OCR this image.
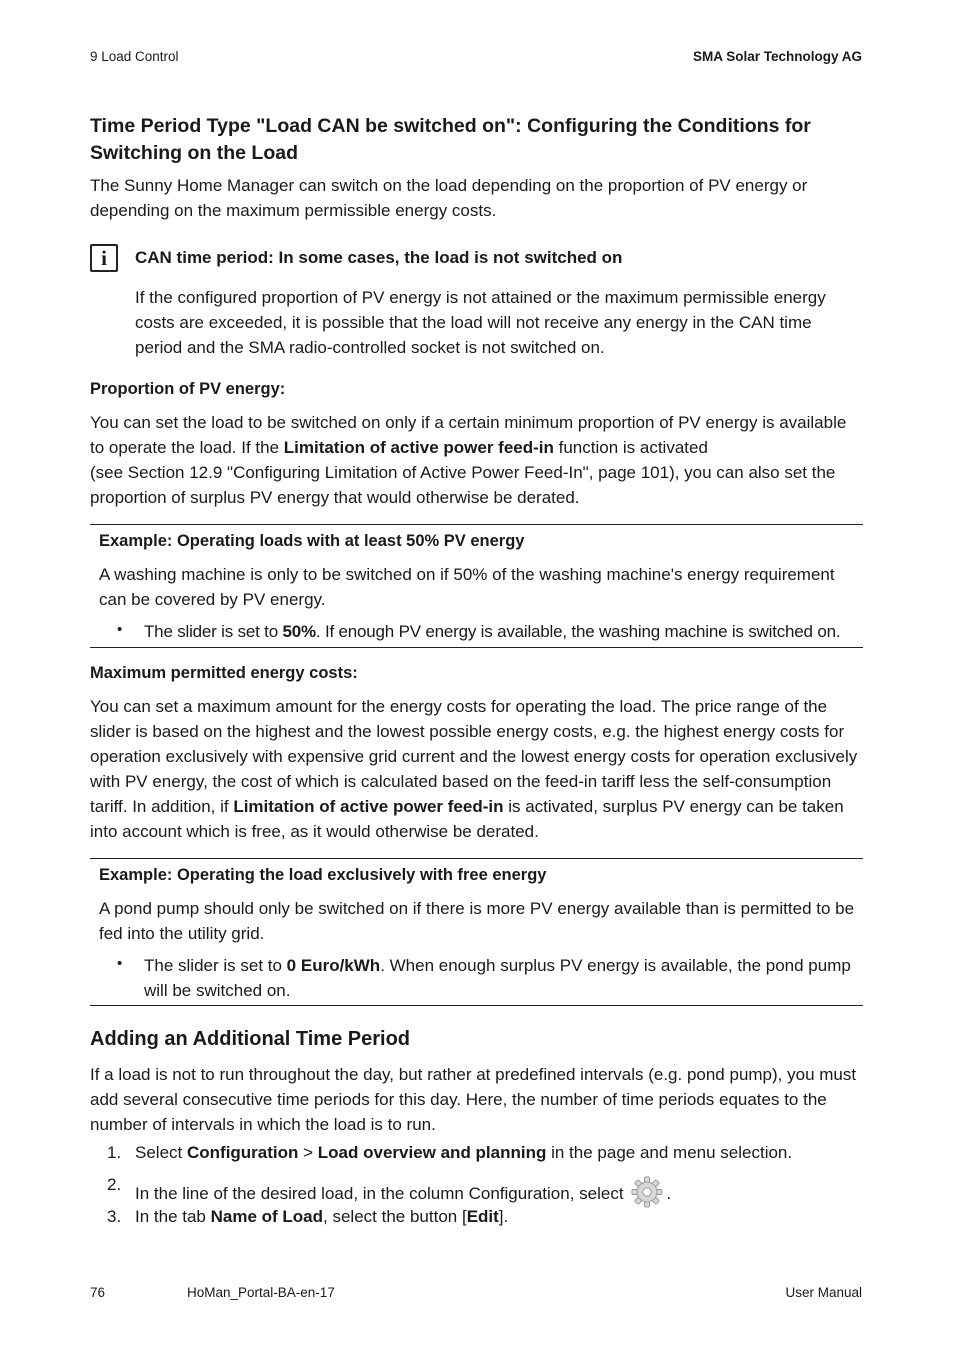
9 Load Control	SMA Solar Technology AG
Time Period Type "Load CAN be switched on": Configuring the Conditions for Switching on the Load
The Sunny Home Manager can switch on the load depending on the proportion of PV energy or depending on the maximum permissible energy costs.
i	CAN time period: In some cases, the load is not switched on
If the configured proportion of PV energy is not attained or the maximum permissible energy costs are exceeded, it is possible that the load will not receive any energy in the CAN time period and the SMA radio-controlled socket is not switched on.
Proportion of PV energy:
You can set the load to be switched on only if a certain minimum proportion of PV energy is available to operate the load. If the Limitation of active power feed-in function is activated
(see Section 12.9 "Configuring Limitation of Active Power Feed-In", page 101), you can also set the proportion of surplus PV energy that would otherwise be derated.
Example: Operating loads with at least 50% PV energy
A washing machine is only to be switched on if 50% of the washing machine's energy requirement can be covered by PV energy.
• The slider is set to 50%. If enough PV energy is available, the washing machine is switched on.
Maximum permitted energy costs:
You can set a maximum amount for the energy costs for operating the load. The price range of the slider is based on the highest and the lowest possible energy costs, e.g. the highest energy costs for operation exclusively with expensive grid current and the lowest energy costs for operation exclusively with PV energy, the cost of which is calculated based on the feed-in tariff less the self-consumption tariff. In addition, if Limitation of active power feed-in is activated, surplus PV energy can be taken into account which is free, as it would otherwise be derated.
Example: Operating the load exclusively with free energy
A pond pump should only be switched on if there is more PV energy available than is permitted to be fed into the utility grid.
• The slider is set to 0 Euro/kWh. When enough surplus PV energy is available, the pond pump will be switched on.
Adding an Additional Time Period
If a load is not to run throughout the day, but rather at predefined intervals (e.g. pond pump), you must add several consecutive time periods for this day. Here, the number of time periods equates to the number of intervals in which the load is to run.
1. Select Configuration > Load overview and planning in the page and menu selection.
2. In the line of the desired load, in the column Configuration, select .
3. In the tab Name of Load, select the button [Edit].
76	HoMan_Portal-BA-en-17	User Manual
